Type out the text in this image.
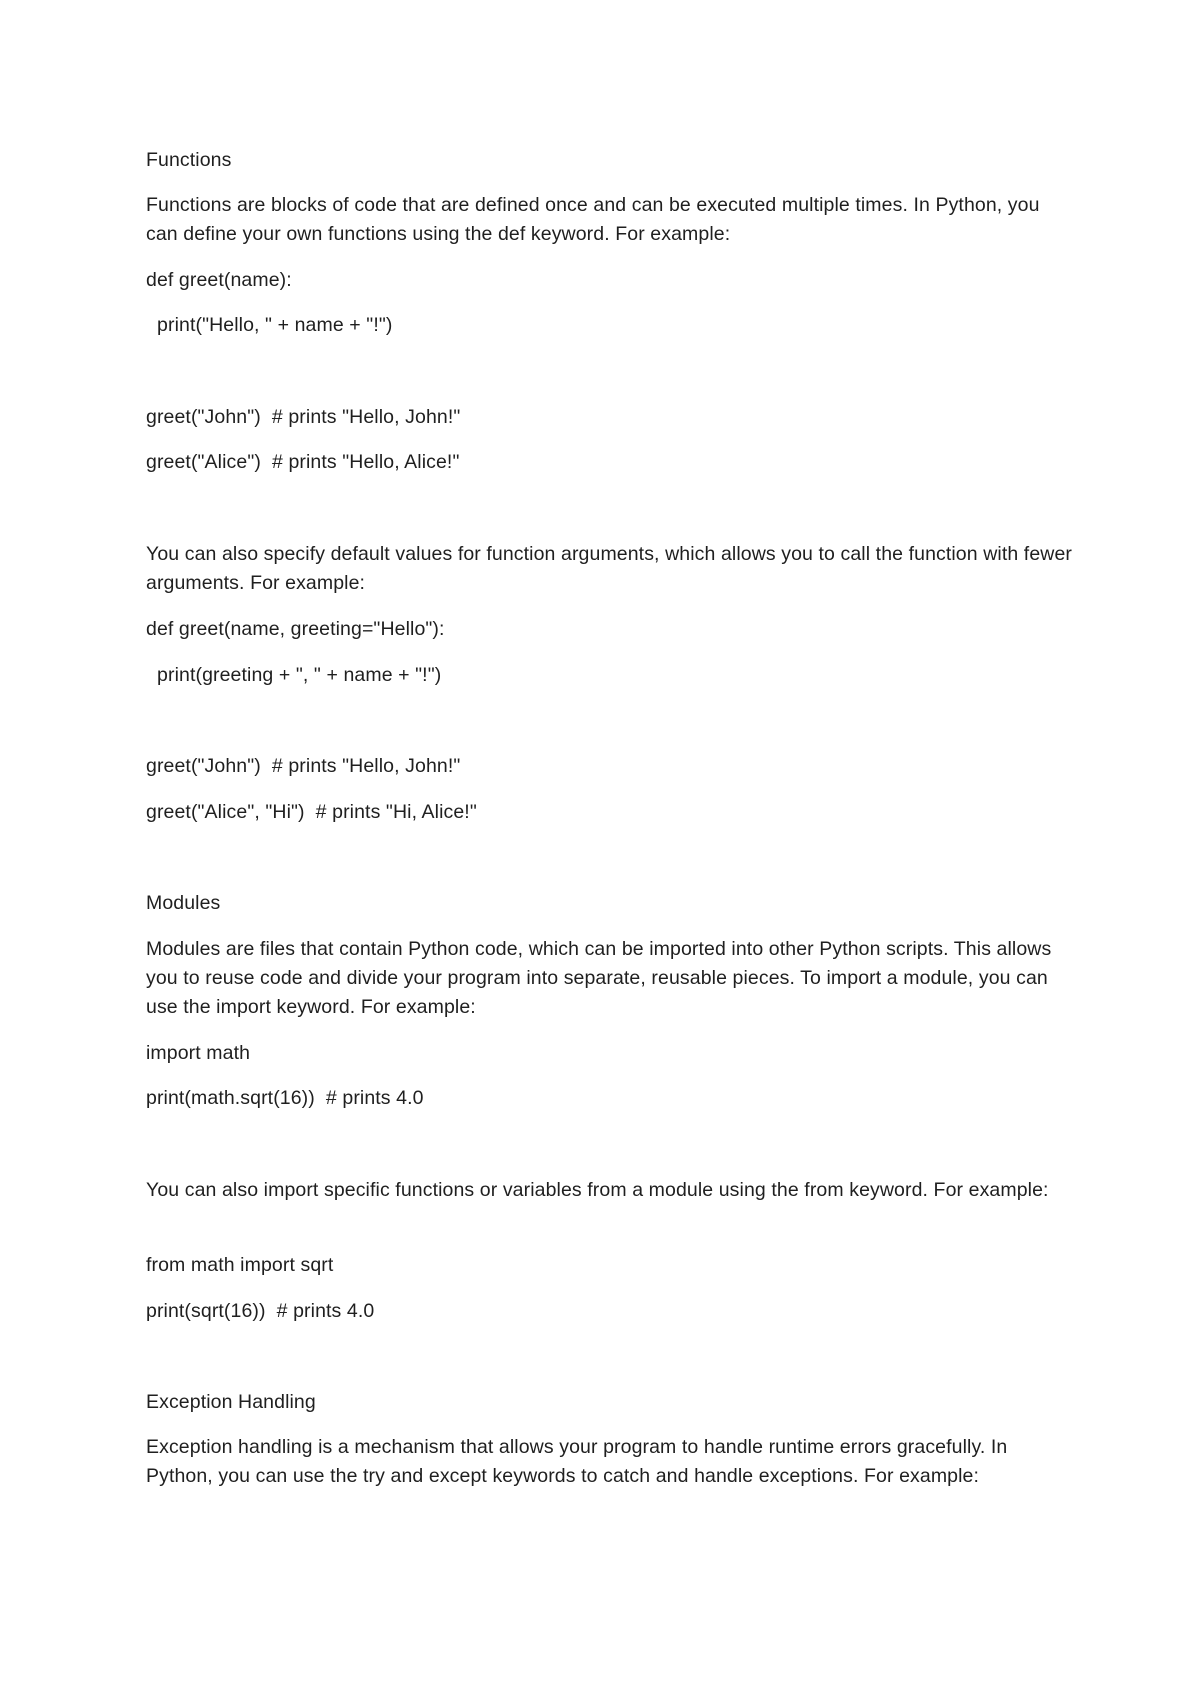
Functions
Functions are blocks of code that are defined once and can be executed multiple times. In Python, you can define your own functions using the def keyword. For example:
def greet(name):
print("Hello, " + name + "!")
greet("John")  # prints "Hello, John!"
greet("Alice")  # prints "Hello, Alice!"
You can also specify default values for function arguments, which allows you to call the function with fewer arguments. For example:
def greet(name, greeting="Hello"):
print(greeting + ", " + name + "!")
greet("John")  # prints "Hello, John!"
greet("Alice", "Hi")  # prints "Hi, Alice!"
Modules
Modules are files that contain Python code, which can be imported into other Python scripts. This allows you to reuse code and divide your program into separate, reusable pieces. To import a module, you can use the import keyword. For example:
import math
print(math.sqrt(16))  # prints 4.0
You can also import specific functions or variables from a module using the from keyword. For example:
from math import sqrt
print(sqrt(16))  # prints 4.0
Exception Handling
Exception handling is a mechanism that allows your program to handle runtime errors gracefully. In Python, you can use the try and except keywords to catch and handle exceptions. For example:
